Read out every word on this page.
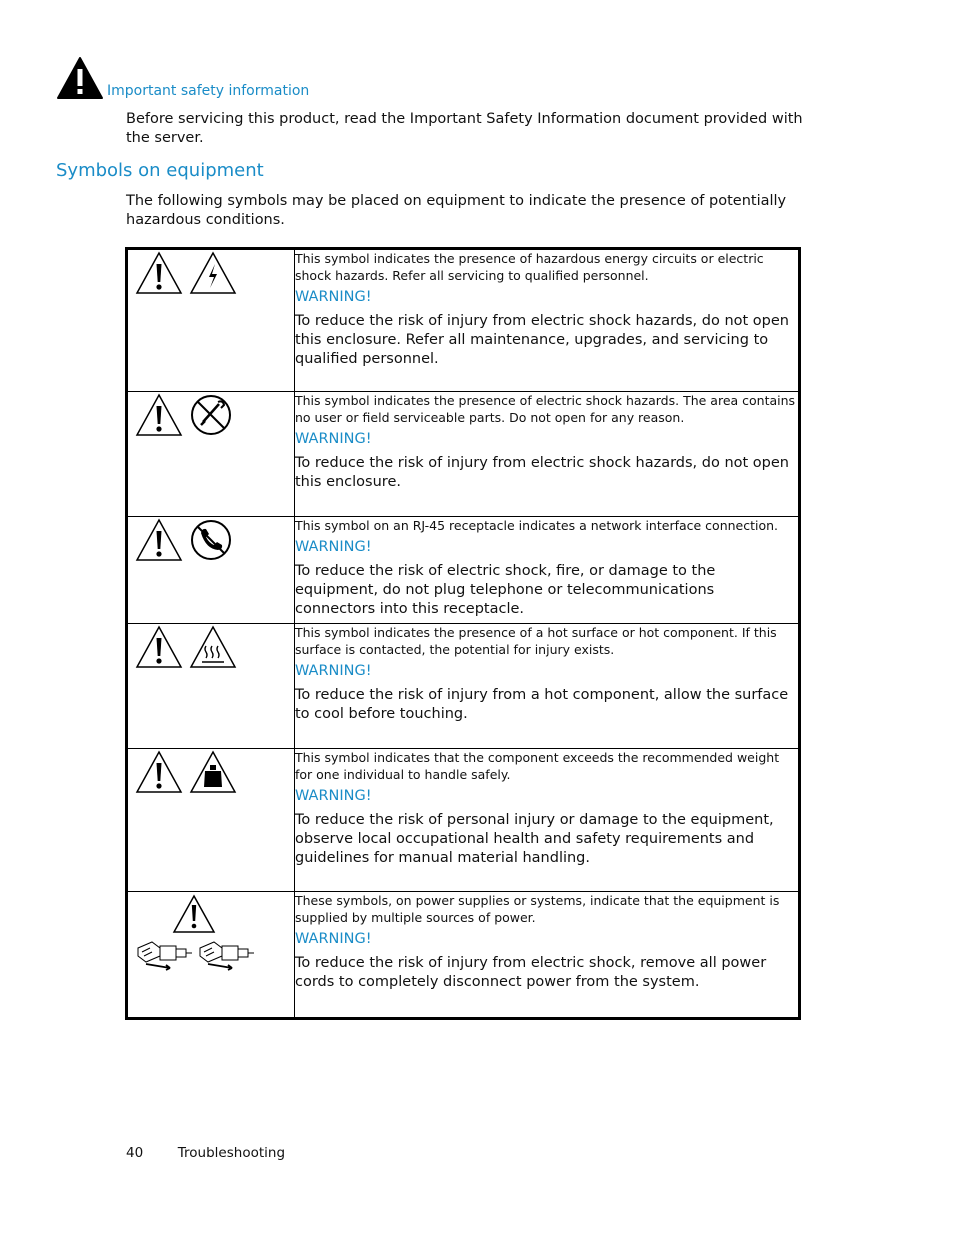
Important safety information
Before servicing this product, read the Important Safety Information document provided with the server.
Symbols on equipment
The following symbols may be placed on equipment to indicate the presence of potentially hazardous conditions.

This symbol indicates the presence of hazardous energy circuits or electric shock hazards. Refer all servicing to qualified personnel.
WARNING!
To reduce the risk of injury from electric shock hazards, do not open this enclosure. Refer all maintenance, upgrades, and servicing to qualified personnel.

This symbol indicates the presence of electric shock hazards. The area contains no user or field serviceable parts. Do not open for any reason.
WARNING!
To reduce the risk of injury from electric shock hazards, do not open this enclosure.

This symbol on an RJ-45 receptacle indicates a network interface connection.
WARNING!
To reduce the risk of electric shock, fire, or damage to the equipment, do not plug telephone or telecommunications connectors into this receptacle.

This symbol indicates the presence of a hot surface or hot component. If this surface is contacted, the potential for injury exists.
WARNING!
To reduce the risk of injury from a hot component, allow the surface to cool before touching.

This symbol indicates that the component exceeds the recommended weight for one individual to handle safely.
WARNING!
To reduce the risk of personal injury or damage to the equipment, observe local occupational health and safety requirements and guidelines for manual material handling.

These symbols, on power supplies or systems, indicate that the equipment is supplied by multiple sources of power.
WARNING!
To reduce the risk of injury from electric shock, remove all power cords to completely disconnect power from the system.
40	Troubleshooting
